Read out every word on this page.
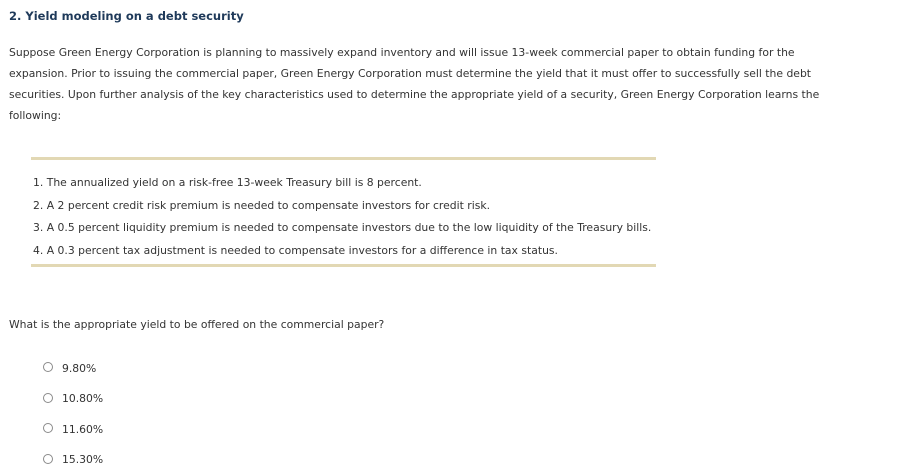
2. Yield modeling on a debt security

Suppose Green Energy Corporation is planning to massively expand inventory and will issue 13-week commercial paper to obtain funding for the expansion. Prior to issuing the commercial paper, Green Energy Corporation must determine the yield that it must offer to successfully sell the debt securities. Upon further analysis of the key characteristics used to determine the appropriate yield of a security, Green Energy Corporation learns the following:

1. The annualized yield on a risk-free 13-week Treasury bill is 8 percent.
2. A 2 percent credit risk premium is needed to compensate investors for credit risk.
3. A 0.5 percent liquidity premium is needed to compensate investors due to the low liquidity of the Treasury bills.
4. A 0.3 percent tax adjustment is needed to compensate investors for a difference in tax status.

What is the appropriate yield to be offered on the commercial paper?

9.80%
10.80%
11.60%
15.30%
